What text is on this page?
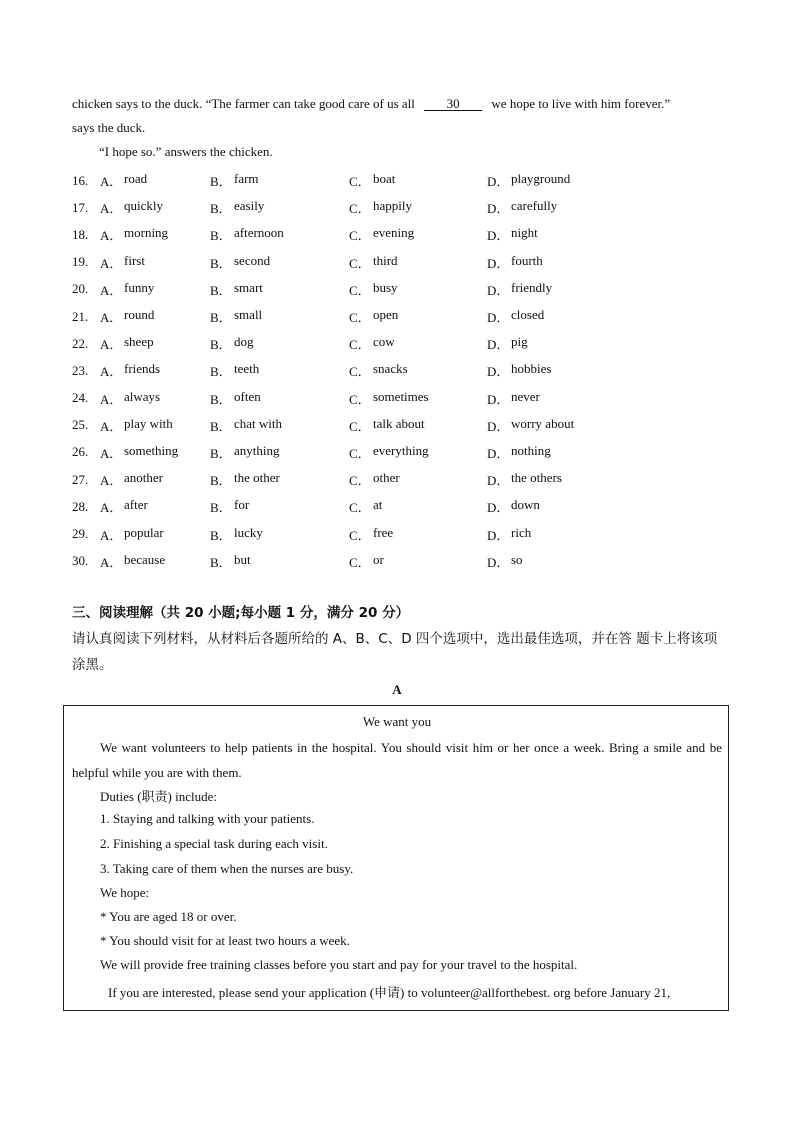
chicken says to the duck. “The farmer can take good care of us all 30 we hope to live with him forever.”
says the duck.
“I hope so.” answers the chicken.
16. A． road	B． farm	C． boat	D． playground
17. A． quickly	B． easily	C． happily	D． carefully
18. A． morning	B． afternoon	C． evening	D． night
19. A． first	B． second	C． third	D． fourth
20. A． funny	B． smart	C． busy	D． friendly
21. A． round	B． small	C． open	D． closed
22. A． sheep	B． dog	C． cow	D． pig
23. A． friends	B． teeth	C． snacks	D． hobbies
24. A． always	B． often	C． sometimes	D． never
25. A． play with	B． chat with	C． talk about	D． worry about
26. A． something B． anything	C． everything	D． nothing
27. A． another	B． the other	C． other	D． the others
28. A． after	B． for	C． at	D． down
29. A． popular	B． lucky	C． free	D． rich
30. A． because	B． but	C． or	D． so
三、阅读理解（共 20 小题;每小题 1 分，满分 20 分）
请认真阅读下列材料，从材料后各题所给的 A、B、C、D 四个选项中，选出最佳选项，并在答 题卡上将该项涂黑。
A
We want you
We want volunteers to help patients in the hospital. You should visit him or her once a week. Bring a smile and be helpful while you are with them.
Duties (职责) include:
1. Staying and talking with your patients.
2. Finishing a special task during each visit.
3. Taking care of them when the nurses are busy.
We hope:
* You are aged 18 or over.
* You should visit for at least two hours a week.
We will provide free training classes before you start and pay for your travel to the hospital.
If you are interested, please send your application (申请) to volunteer@allforthebest. org before January 21,
